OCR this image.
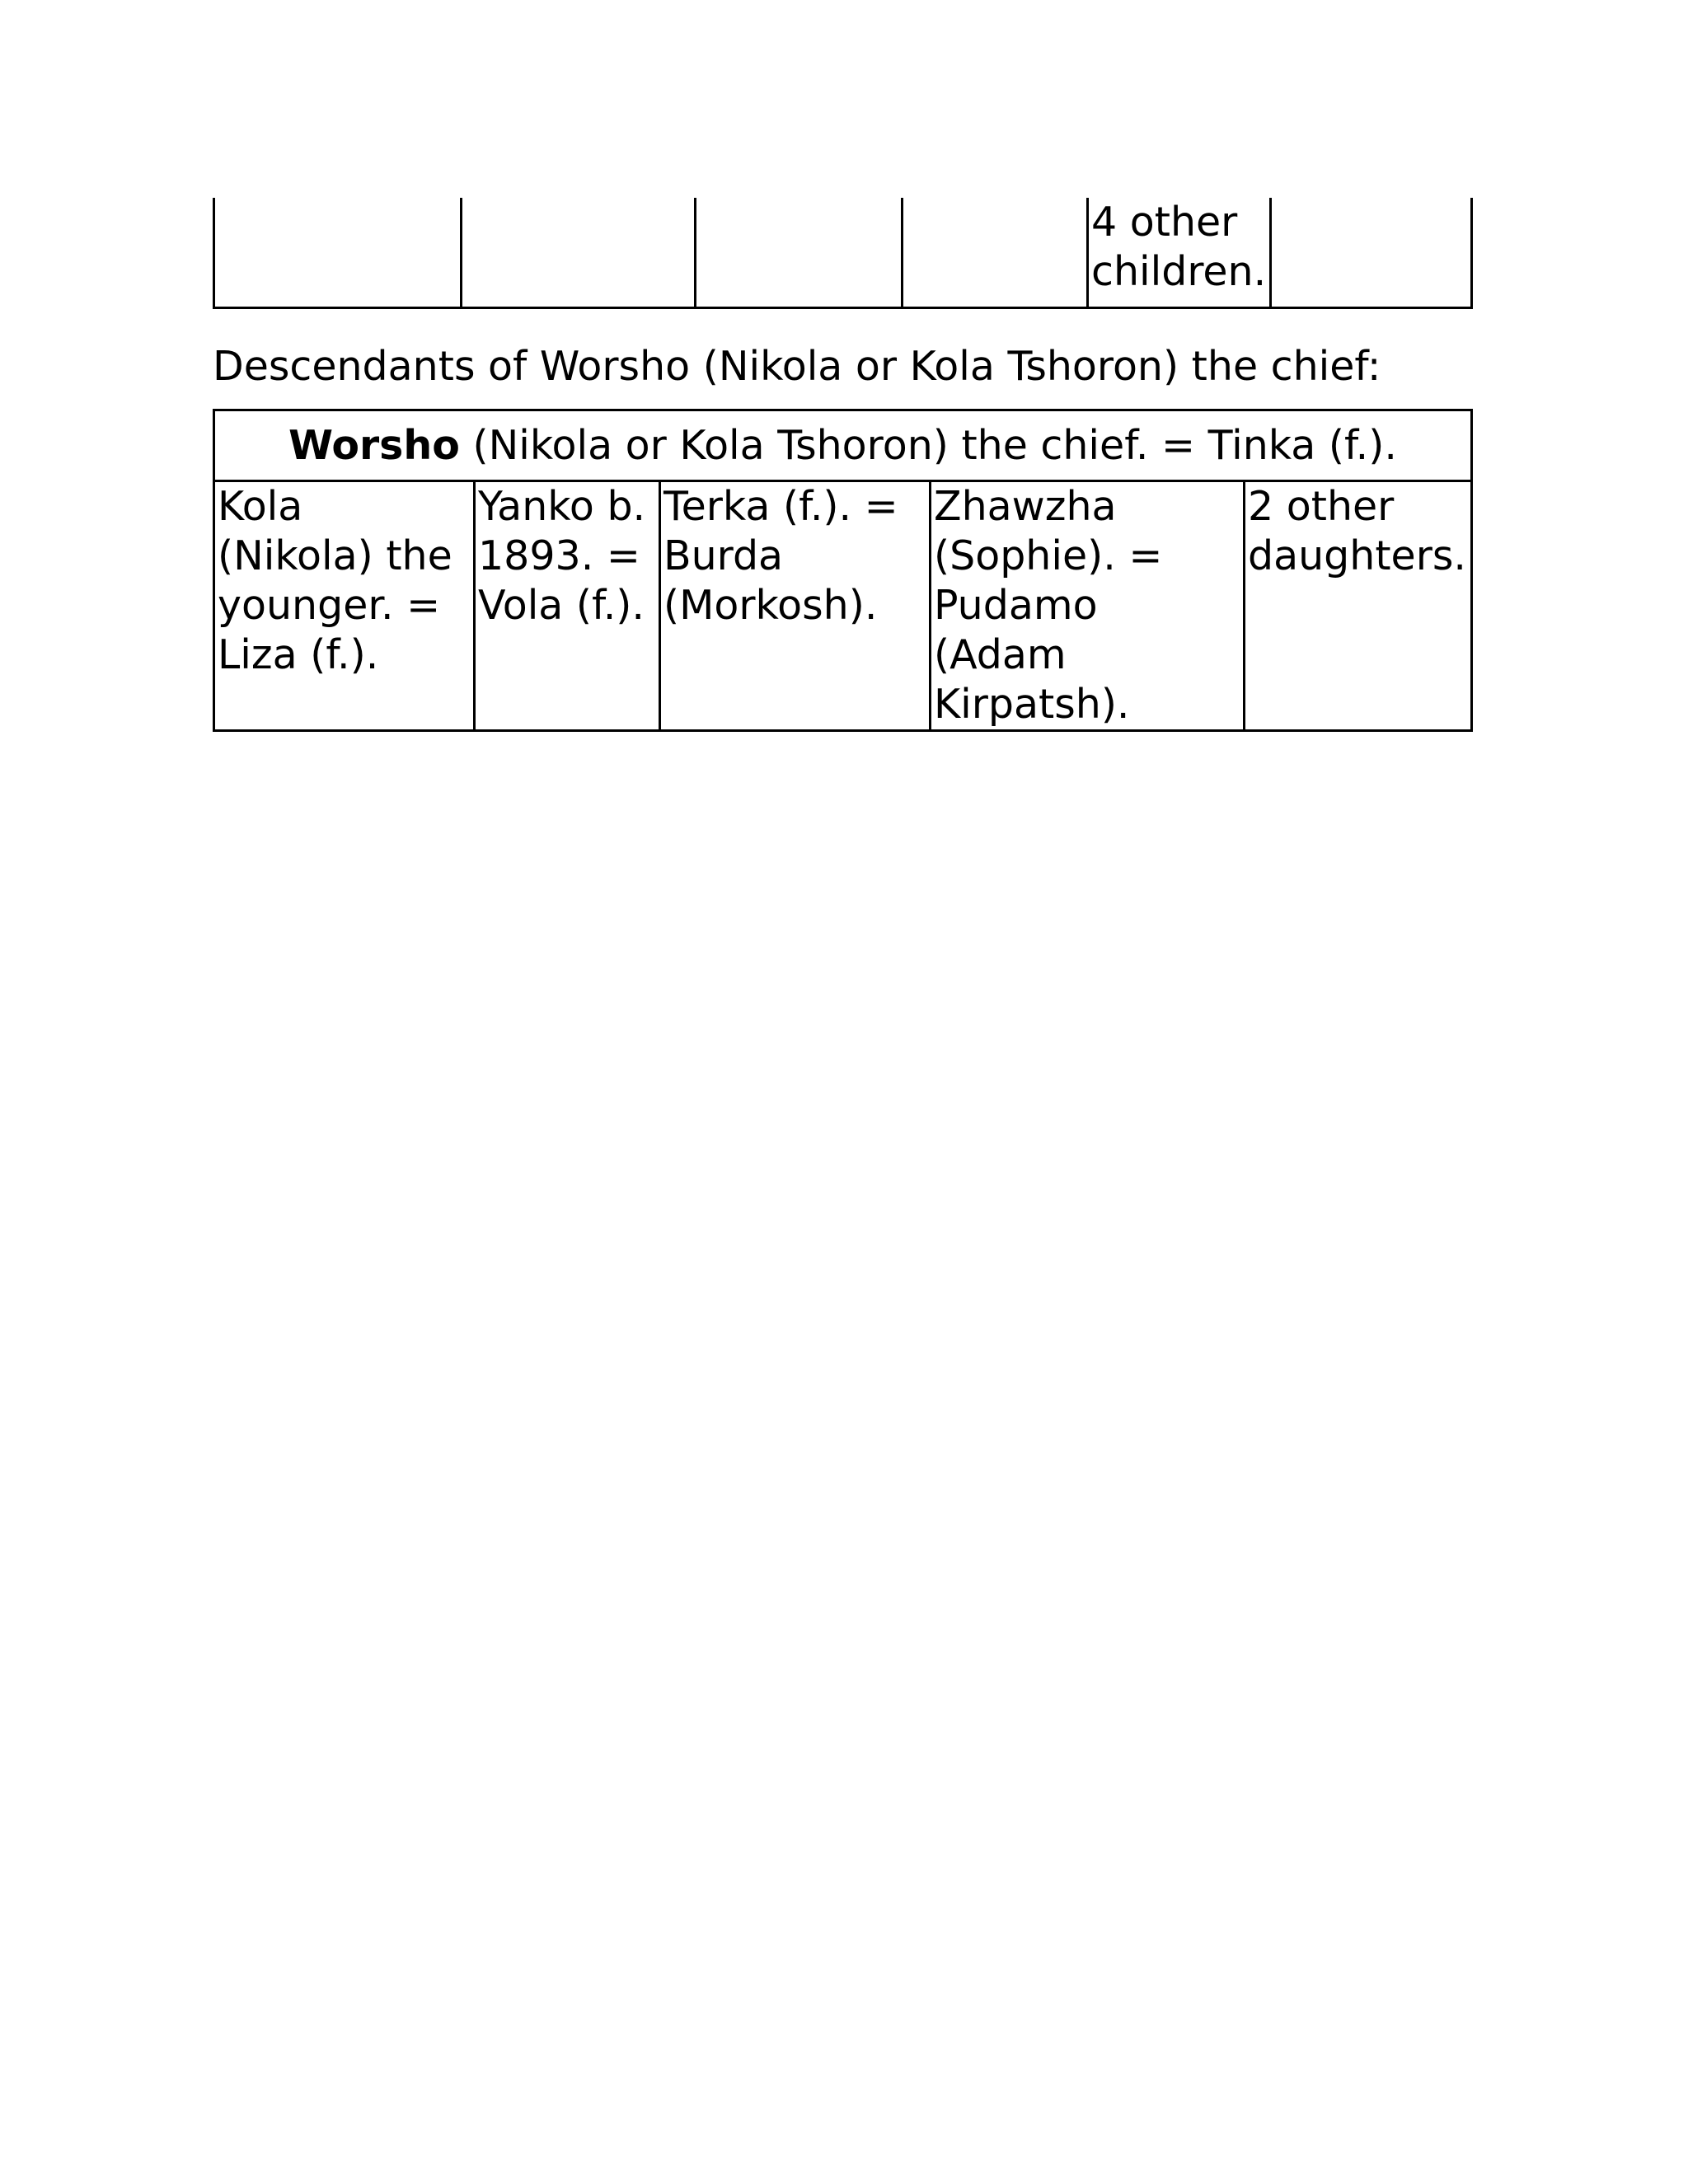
				4 other children.	

Descendants of Worsho (Nikola or Kola Tshoron) the chief:

Worsho (Nikola or Kola Tshoron) the chief. = Tinka (f.).
Kola (Nikola) the younger. = Liza (f.).	Yanko b. 1893. = Vola (f.).	Terka (f.). = Burda (Morkosh).	Zhawzha (Sophie). = Pudamo (Adam Kirpatsh).	2 other daughters.
